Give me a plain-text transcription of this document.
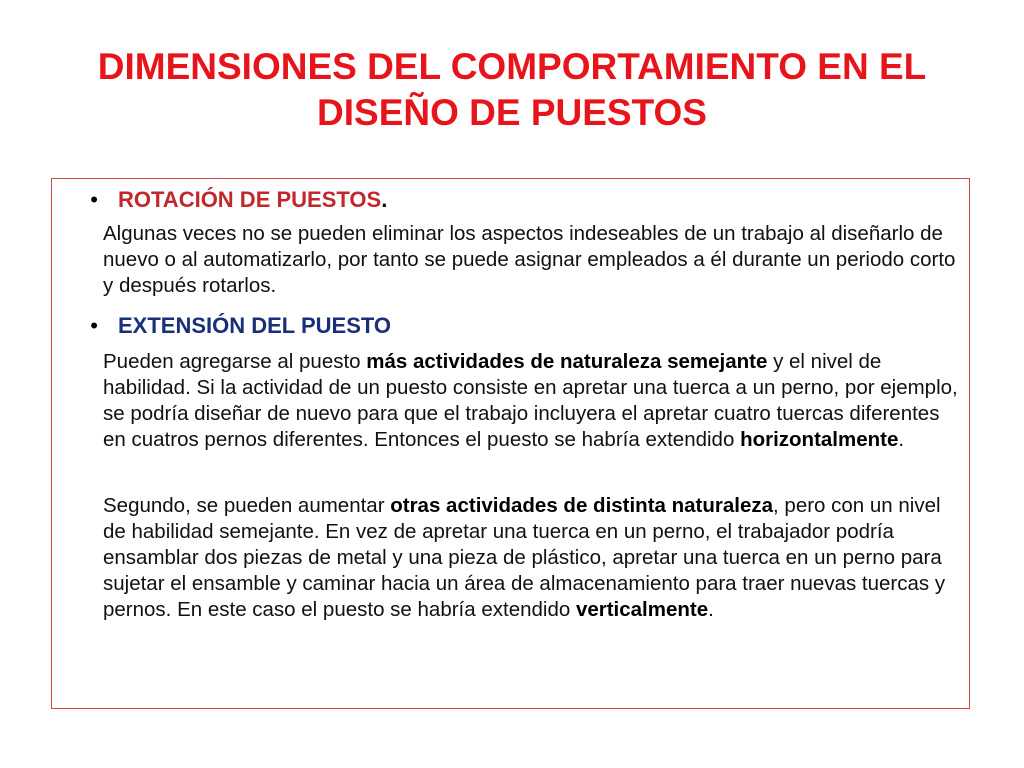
DIMENSIONES DEL COMPORTAMIENTO EN EL DISEÑO DE PUESTOS
• ROTACIÓN DE PUESTOS .

Algunas veces no se pueden eliminar los aspectos indeseables de un trabajo al diseñarlo de nuevo o al automatizarlo, por tanto se puede asignar empleados a él durante un periodo corto y después rotarlos.

• EXTENSIÓN DEL PUESTO

Pueden agregarse al puesto más actividades de naturaleza semejante y el nivel de habilidad. Si la actividad de un puesto consiste en apretar una tuerca a un perno, por ejemplo, se podría diseñar de nuevo para que el trabajo incluyera el apretar cuatro tuercas diferentes en cuatros pernos diferentes. Entonces el puesto se habría extendido horizontalmente.

Segundo, se pueden aumentar otras actividades de distinta naturaleza, pero con un nivel de habilidad semejante. En vez de apretar una tuerca en un perno, el trabajador podría ensamblar dos piezas de metal y una pieza de plástico, apretar una tuerca en un perno para sujetar el ensamble y caminar hacia un área de almacenamiento para traer nuevas tuercas y pernos. En este caso el puesto se habría extendido verticalmente.
